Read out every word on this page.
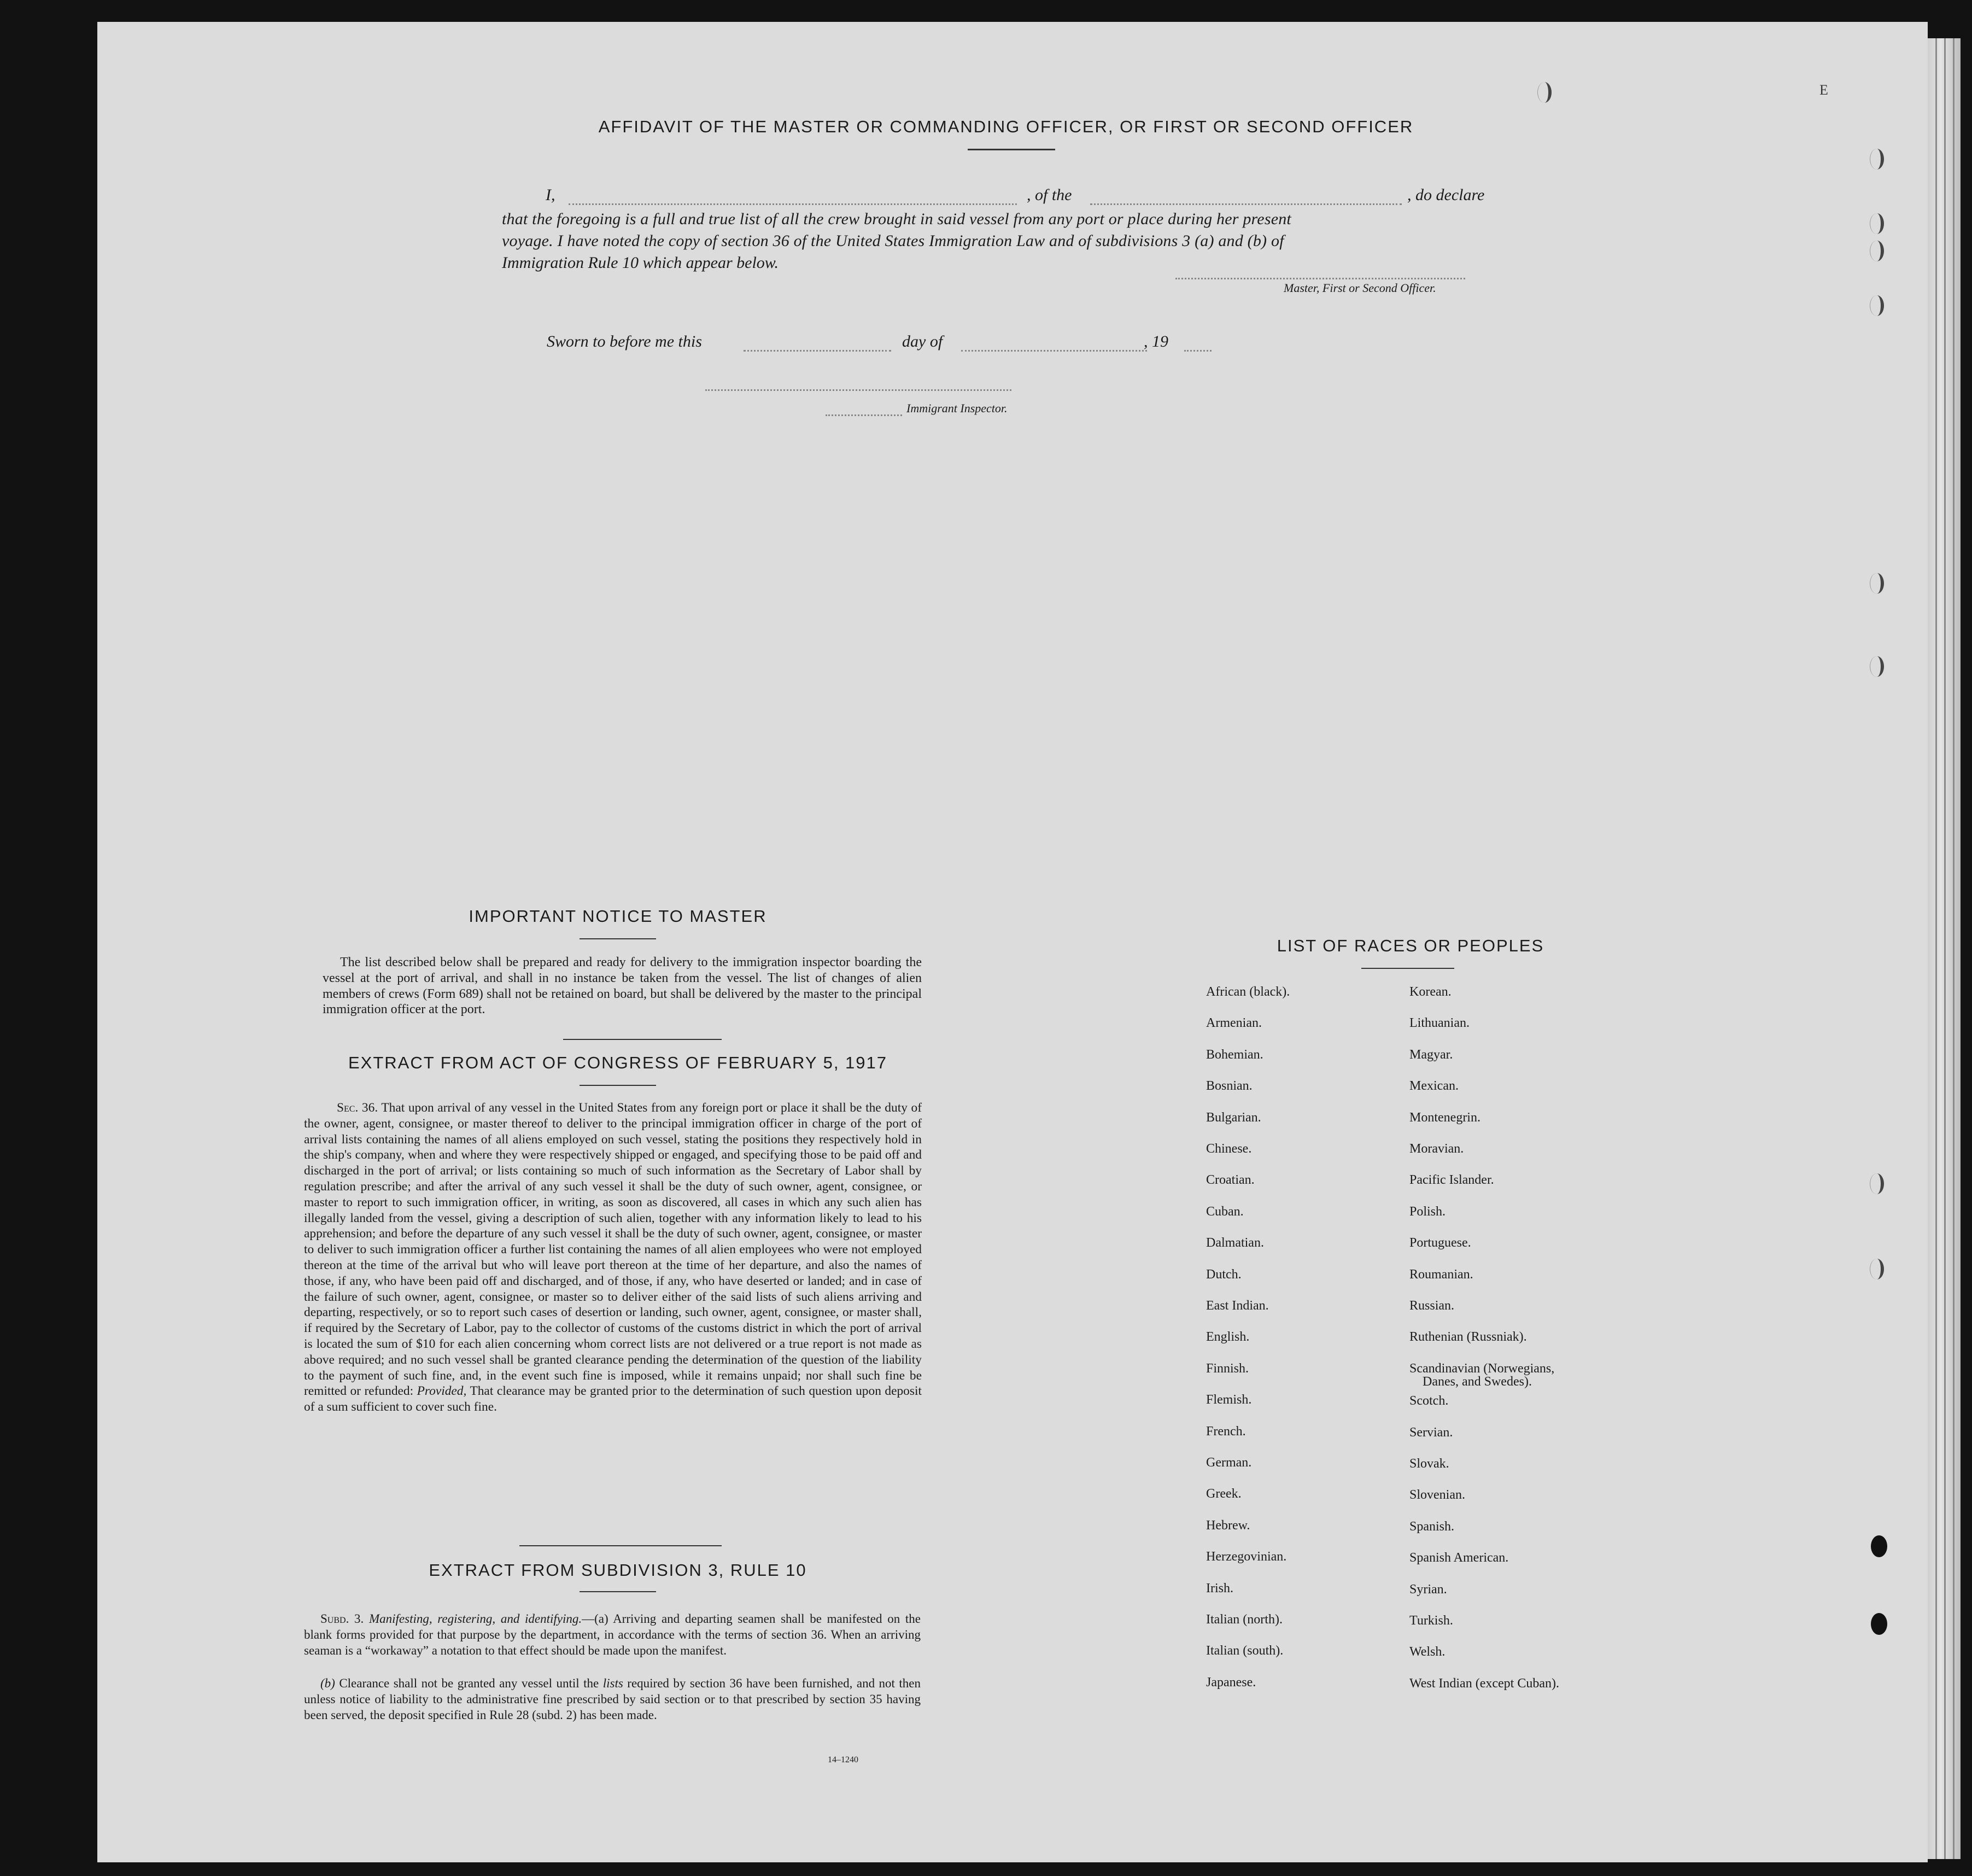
E
AFFIDAVIT OF THE MASTER OR COMMANDING OFFICER, OR FIRST OR SECOND OFFICER
I,	, of the	, do declare
that the foregoing is a full and true list of all the crew brought in said vessel from any port or place during her present
voyage. I have noted the copy of section 36 of the United States Immigration Law and of subdivisions 3 (a) and (b) of
Immigration Rule 10 which appear below.
Master, First or Second Officer.
Sworn to before me this	day of	, 19
Immigrant Inspector.
IMPORTANT NOTICE TO MASTER

The list described below shall be prepared and ready for delivery to the immigration inspector boarding the vessel at the port of arrival, and shall in no instance be taken from the vessel. The list of changes of alien members of crews (Form 689) shall not be retained on board, but shall be delivered by the master to the principal immigration officer at the port.

EXTRACT FROM ACT OF CONGRESS OF FEBRUARY 5, 1917

Sec. 36. That upon arrival of any vessel in the United States from any foreign port or place it shall be the duty of the owner, agent, consignee, or master thereof to deliver to the principal immigration officer in charge of the port of arrival lists containing the names of all aliens employed on such vessel, stating the positions they respectively hold in the ship's company, when and where they were respectively shipped or engaged, and specifying those to be paid off and discharged in the port of arrival; or lists containing so much of such information as the Secretary of Labor shall by regulation prescribe; and after the arrival of any such vessel it shall be the duty of such owner, agent, consignee, or master to report to such immigration officer, in writing, as soon as discovered, all cases in which any such alien has illegally landed from the vessel, giving a description of such alien, together with any information likely to lead to his apprehension; and before the departure of any such vessel it shall be the duty of such owner, agent, consignee, or master to deliver to such immigration officer a further list containing the names of all alien employees who were not employed thereon at the time of the arrival but who will leave port thereon at the time of her departure, and also the names of those, if any, who have been paid off and discharged, and of those, if any, who have deserted or landed; and in case of the failure of such owner, agent, consignee, or master so to deliver either of the said lists of such aliens arriving and departing, respectively, or so to report such cases of desertion or landing, such owner, agent, consignee, or master shall, if required by the Secretary of Labor, pay to the collector of customs of the customs district in which the port of arrival is located the sum of $10 for each alien concerning whom correct lists are not delivered or a true report is not made as above required; and no such vessel shall be granted clearance pending the determination of the question of the liability to the payment of such fine, and, in the event such fine is imposed, while it remains unpaid; nor shall such fine be remitted or refunded: Provided, That clearance may be granted prior to the determination of such question upon deposit of a sum sufficient to cover such fine.

EXTRACT FROM SUBDIVISION 3, RULE 10

Subd. 3. Manifesting, registering, and identifying.—(a) Arriving and departing seamen shall be manifested on the blank forms provided for that purpose by the department, in accordance with the terms of section 36. When an arriving seaman is a “workaway” a notation to that effect should be made upon the manifest.

(b) Clearance shall not be granted any vessel until the lists required by section 36 have been furnished, and not then unless notice of liability to the administrative fine prescribed by said section or to that prescribed by section 35 having been served, the deposit specified in Rule 28 (subd. 2) has been made.

14–1240
LIST OF RACES OR PEOPLES
African (black).
Armenian.
Bohemian.
Bosnian.
Bulgarian.
Chinese.
Croatian.
Cuban.
Dalmatian.
Dutch.
East Indian.
English.
Finnish.
Flemish.
French.
German.
Greek.
Hebrew.
Herzegovinian.
Irish.
Italian (north).
Italian (south).
Japanese.
Korean.
Lithuanian.
Magyar.
Mexican.
Montenegrin.
Moravian.
Pacific Islander.
Polish.
Portuguese.
Roumanian.
Russian.
Ruthenian (Russniak).
Scandinavian (Norwegians,
Danes, and Swedes).
Scotch.
Servian.
Slovak.
Slovenian.
Spanish.
Spanish American.
Syrian.
Turkish.
Welsh.
West Indian (except Cuban).
